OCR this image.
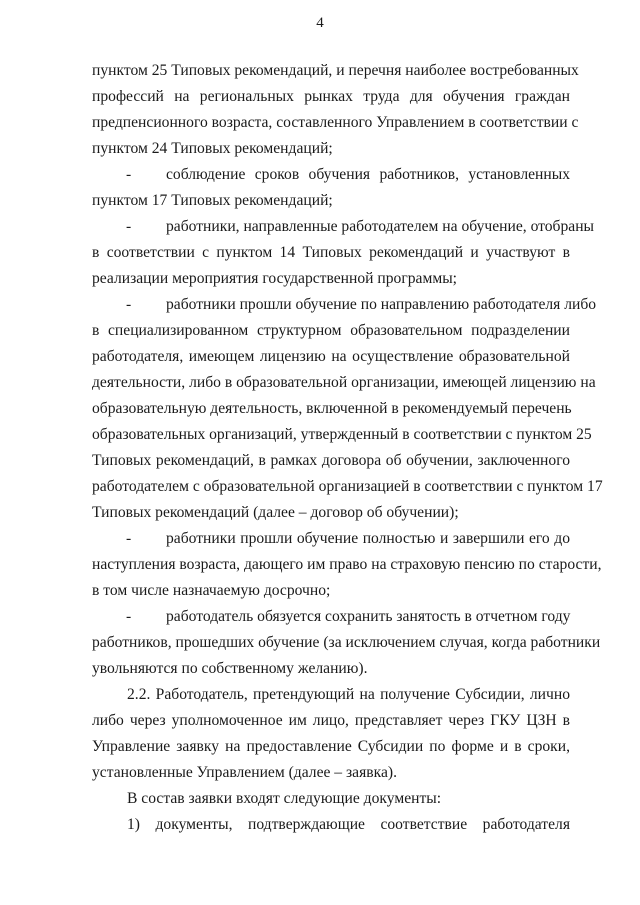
4
пунктом 25 Типовых рекомендаций, и перечня наиболее востребованных
профессий на региональных рынках труда для обучения граждан
предпенсионного возраста, составленного Управлением в соответствии с
пунктом 24 Типовых рекомендаций;
- соблюдение сроков обучения работников, установленных
пунктом 17 Типовых рекомендаций;
- работники, направленные работодателем на обучение, отобраны
в соответствии с пунктом 14 Типовых рекомендаций и участвуют в
реализации мероприятия государственной программы;
- работники прошли обучение по направлению работодателя либо
в специализированном структурном образовательном подразделении
работодателя, имеющем лицензию на осуществление образовательной
деятельности, либо в образовательной организации, имеющей лицензию на
образовательную деятельность, включенной в рекомендуемый перечень
образовательных организаций, утвержденный в соответствии с пунктом 25
Типовых рекомендаций, в рамках договора об обучении, заключенного
работодателем с образовательной организацией в соответствии с пунктом 17
Типовых рекомендаций (далее – договор об обучении);
- работники прошли обучение полностью и завершили его до
наступления возраста, дающего им право на страховую пенсию по старости,
в том числе назначаемую досрочно;
- работодатель обязуется сохранить занятость в отчетном году
работников, прошедших обучение (за исключением случая, когда работники
увольняются по собственному желанию).
2.2. Работодатель, претендующий на получение Субсидии, лично
либо через уполномоченное им лицо, представляет через ГКУ ЦЗН в
Управление заявку на предоставление Субсидии по форме и в сроки,
установленные Управлением (далее – заявка).
В состав заявки входят следующие документы:
1) документы, подтверждающие соответствие работодателя
